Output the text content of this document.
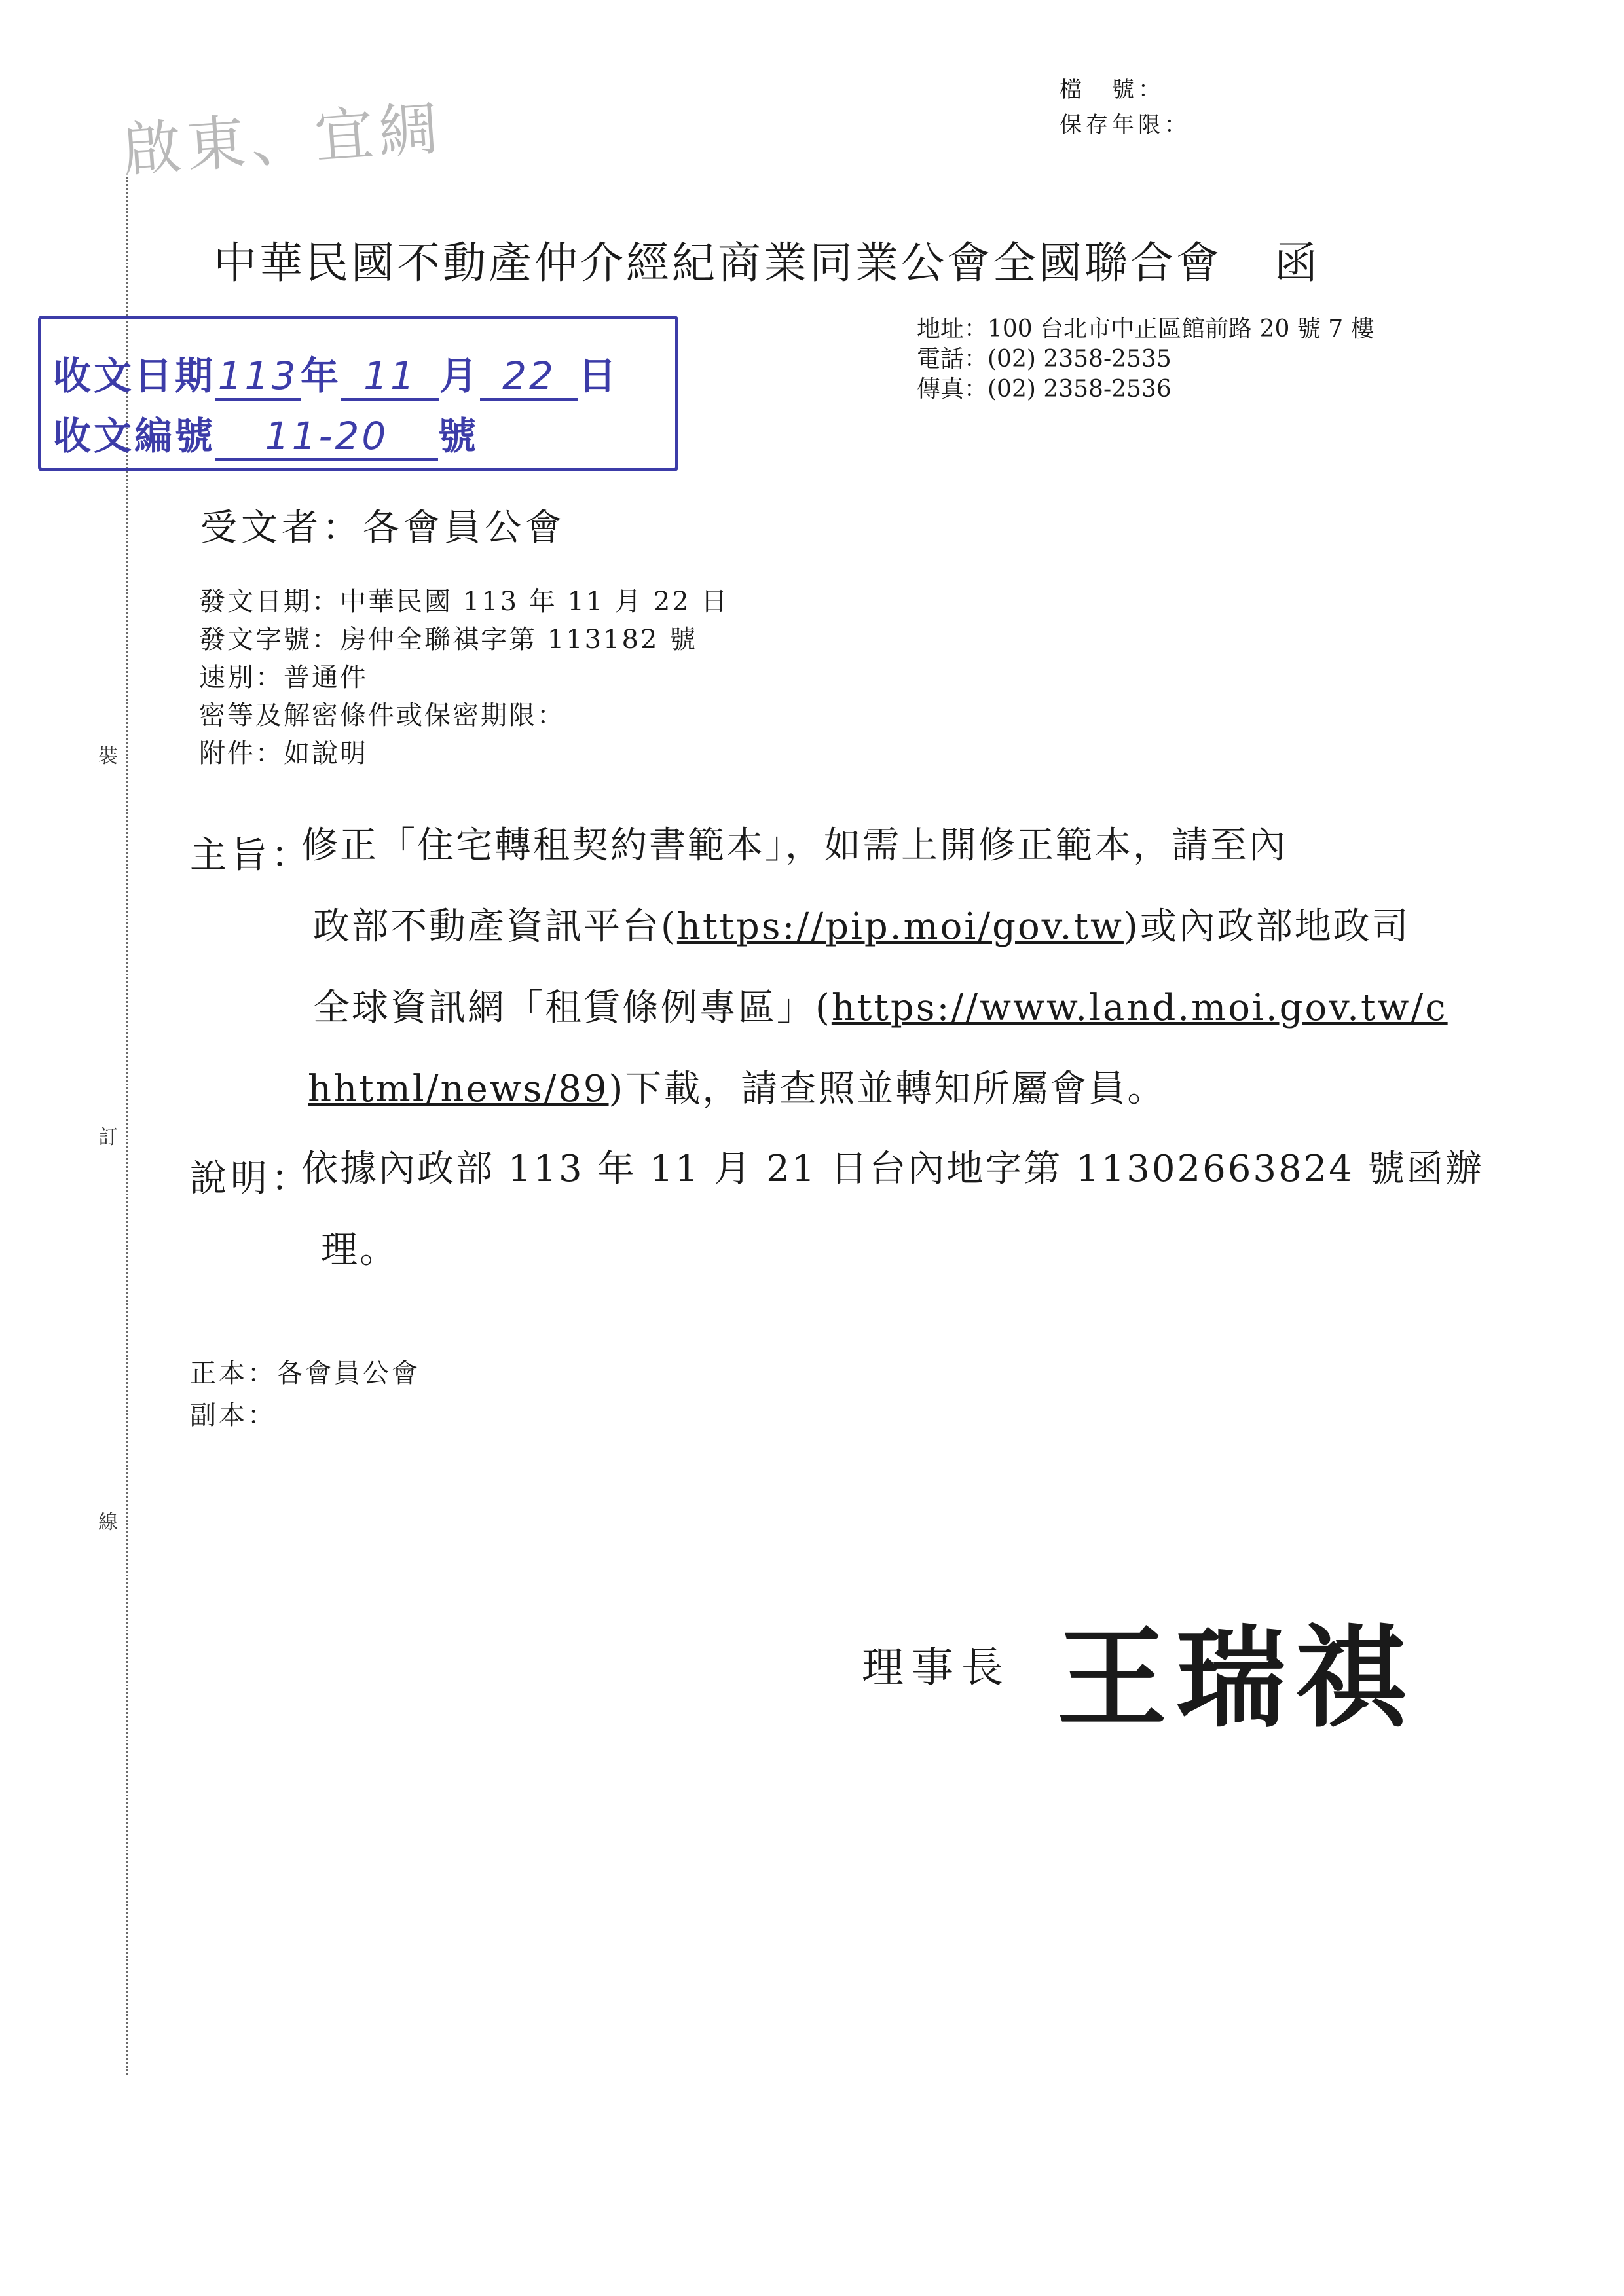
檔　號：
保存年限：
啟東、宜綢
裝
訂
線
中華民國不動產仲介經紀商業同業公會全國聯合會 函
地址：100 台北市中正區館前路 20 號 7 樓
電話：(02) 2358-2535
傳真：(02) 2358-2536
收文日期113年 11 月 22 日
收文編號 11-20 號
受文者：各會員公會
發文日期：中華民國 113 年 11 月 22 日
發文字號：房仲全聯祺字第 113182 號
速別：普通件
密等及解密條件或保密期限：
附件：如說明
主旨：
修正「住宅轉租契約書範本」，如需上開修正範本，請至內
政部不動產資訊平台(https://pip.moi/gov.tw)或內政部地政司
全球資訊網「租賃條例專區」(https://www.land.moi.gov.tw/c
hhtml/news/89)下載，請查照並轉知所屬會員。
說明：
依據內政部 113 年 11 月 21 日台內地字第 11302663824 號函辦
理。
正本：各會員公會
副本：
理事長 王瑞祺
